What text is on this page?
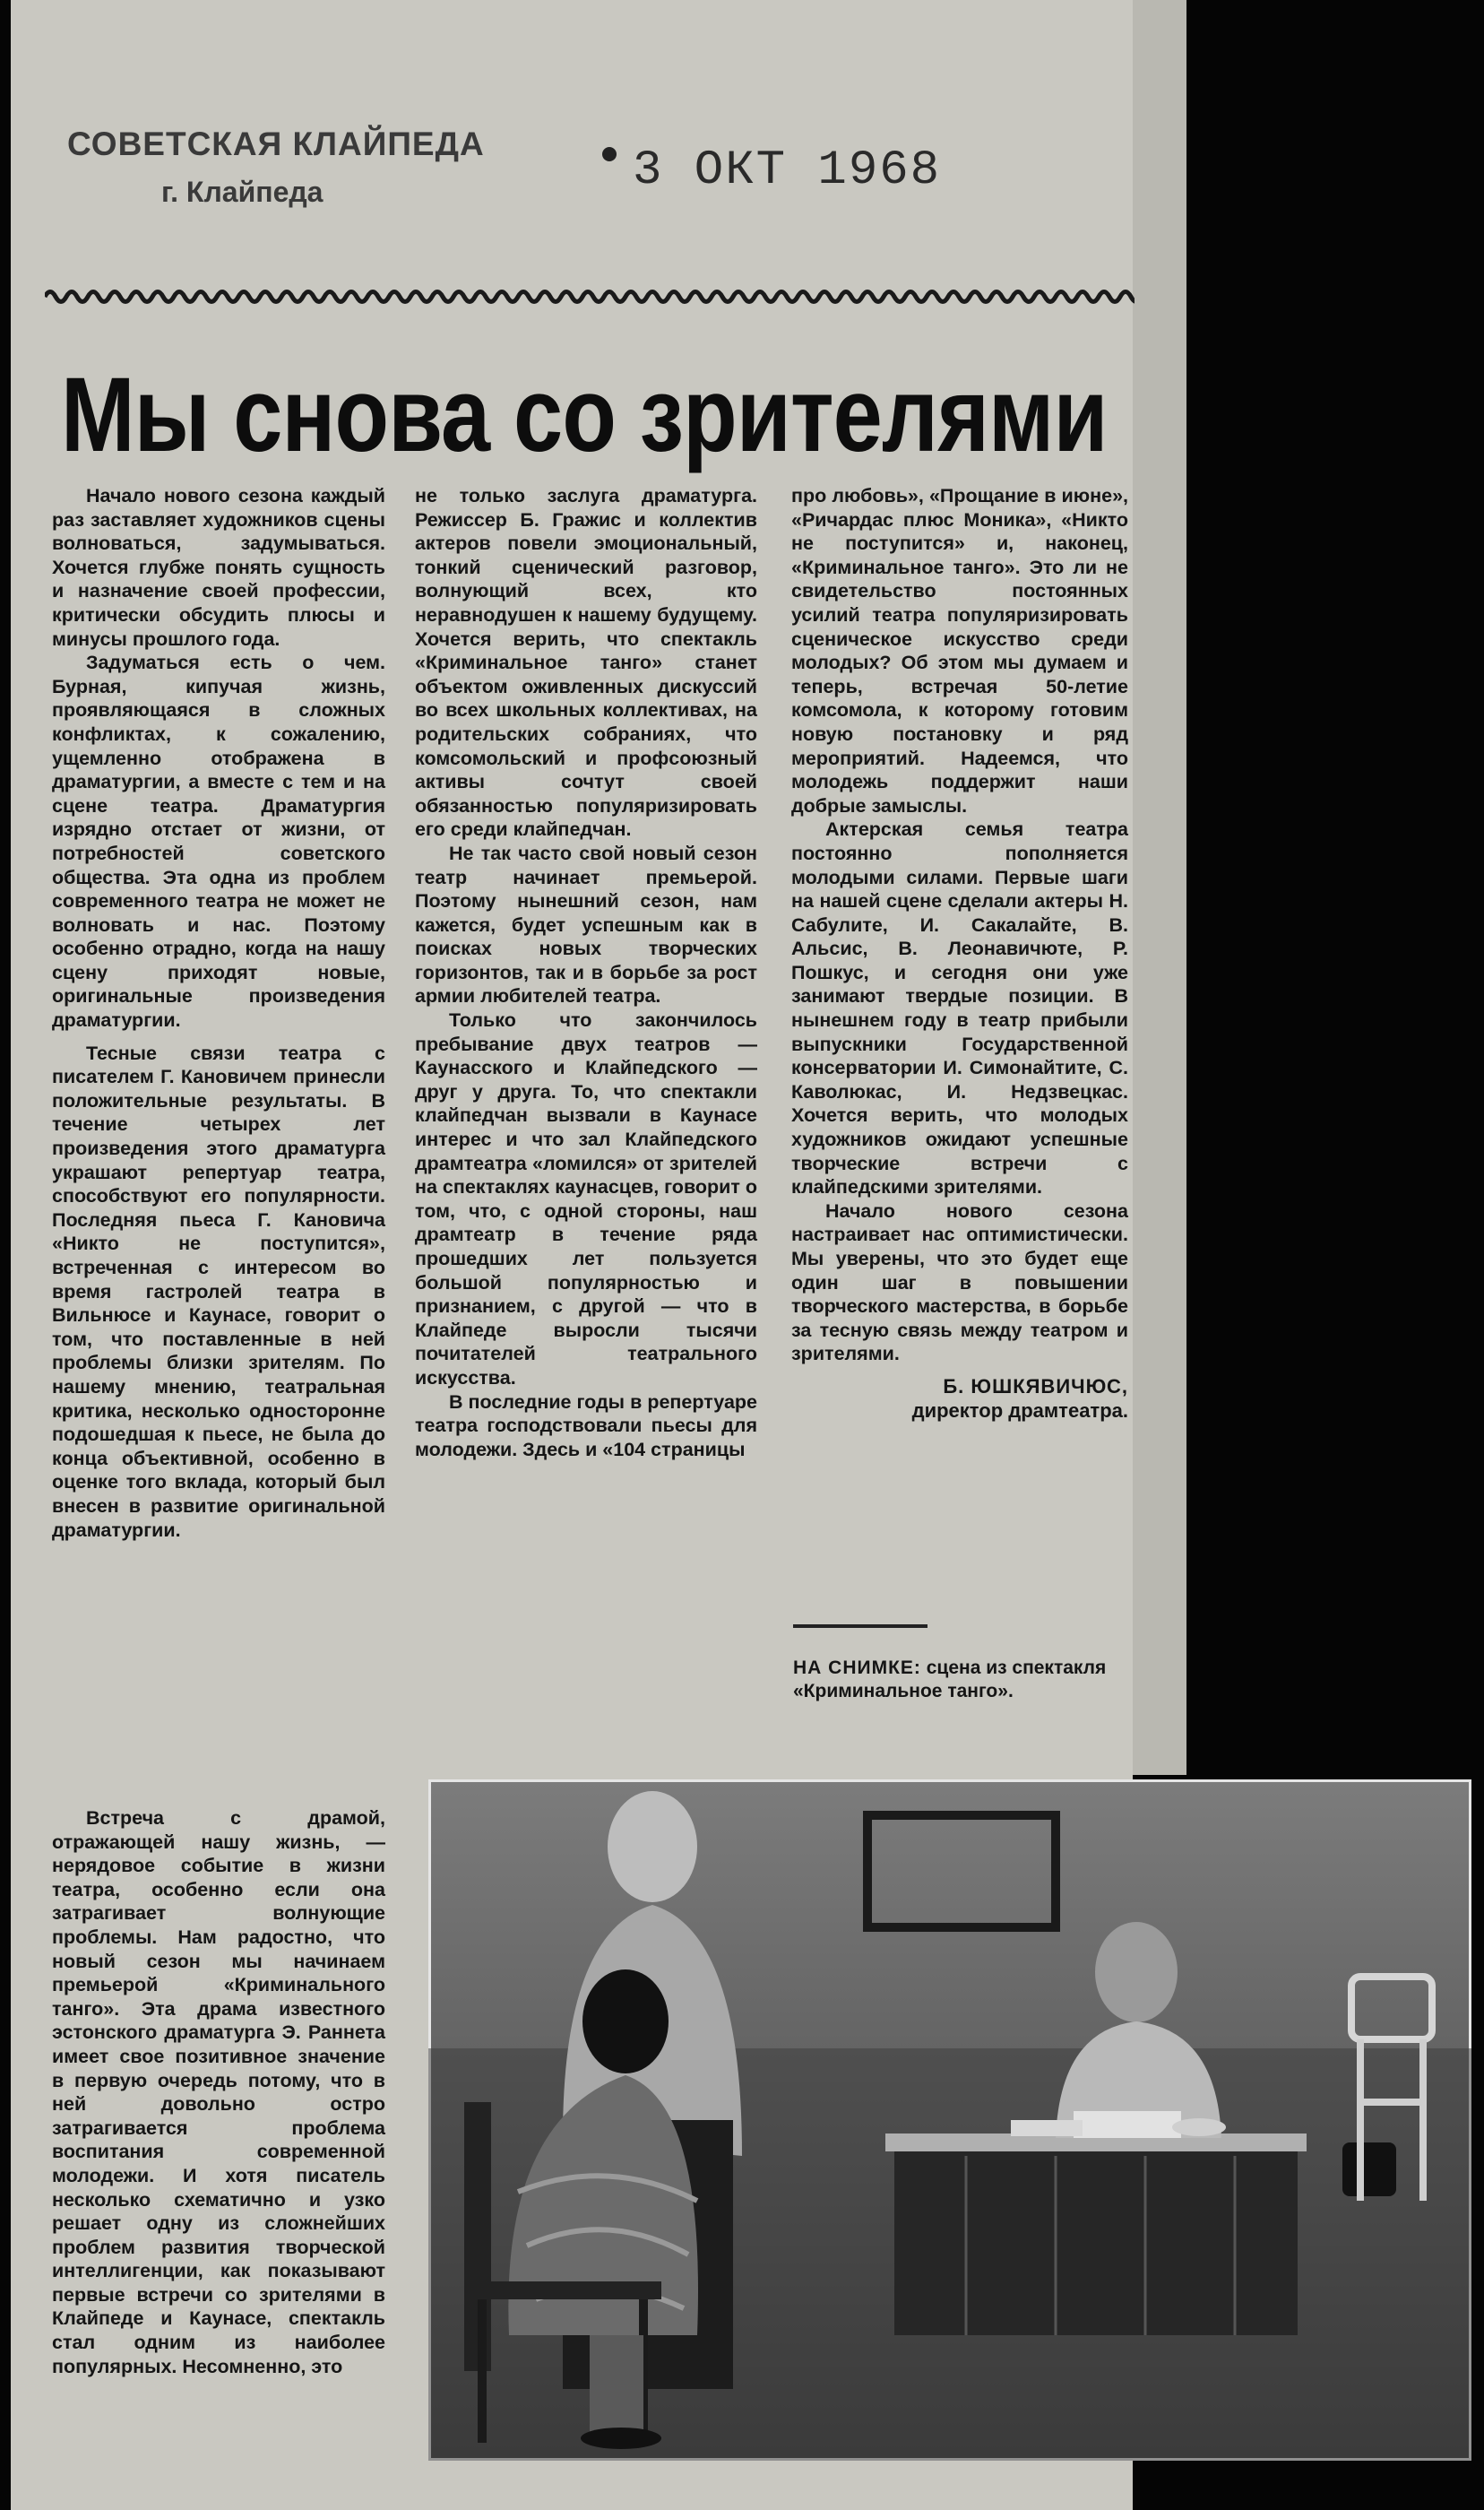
СОВЕТСКАЯ КЛАЙПЕДА
г. Клайпеда	3 ОКТ 1968
Мы снова со зрителями

Начало нового сезона каждый раз заставляет художников сцены волноваться, задумываться. Хочется глубже понять сущность и назначение своей профессии, критически обсудить плюсы и минусы прошлого года.

Задуматься есть о чем. Бурная, кипучая жизнь, проявляющаяся в сложных конфликтах, к сожалению, ущемленно отображена в драматургии, а вместе с тем и на сцене театра. Драматургия изрядно отстает от жизни, от потребностей советского общества. Эта одна из проблем современного театра не может не волновать и нас. Поэтому особенно отрадно, когда на нашу сцену приходят новые, оригинальные произведения драматургии.

Тесные связи театра с писателем Г. Кановичем принесли положительные результаты. В течение четырех лет произведения этого драматурга украшают репертуар театра, способствуют его популярности. Последняя пьеса Г. Кановича «Никто не поступится», встреченная с интересом во время гастролей театра в Вильнюсе и Каунасе, говорит о том, что поставленные в ней проблемы близки зрителям. По нашему мнению, театральная критика, несколько односторонне подошедшая к пьесе, не была до конца объективной, особенно в оценке того вклада, который был внесен в развитие оригинальной драматургии.

не только заслуга драматурга. Режиссер Б. Гражис и коллектив актеров повели эмоциональный, тонкий сценический разговор, волнующий всех, кто неравнодушен к нашему будущему. Хочется верить, что спектакль «Криминальное танго» станет объектом оживленных дискуссий во всех школьных коллективах, на родительских собраниях, что комсомольский и профсоюзный активы сочтут своей обязанностью популяризировать его среди клайпедчан.

Не так часто свой новый сезон театр начинает премьерой. Поэтому нынешний сезон, нам кажется, будет успешным как в поисках новых творческих горизонтов, так и в борьбе за рост армии любителей театра.

Только что закончилось пребывание двух театров — Каунасского и Клайпедского — друг у друга. То, что спектакли клайпедчан вызвали в Каунасе интерес и что зал Клайпедского драмтеатра «ломился» от зрителей на спектаклях каунасцев, говорит о том, что, с одной стороны, наш драмтеатр в течение ряда прошедших лет пользуется большой популярностью и признанием, с другой — что в Клайпеде выросли тысячи почитателей театрального искусства.

В последние годы в репертуаре театра господствовали пьесы для молодежи. Здесь и «104 страницы

про любовь», «Прощание в июне», «Ричардас плюс Моника», «Никто не поступится» и, наконец, «Криминальное танго». Это ли не свидетельство постоянных усилий театра популяризировать сценическое искусство среди молодых? Об этом мы думаем и теперь, встречая 50-летие комсомола, к которому готовим новую постановку и ряд мероприятий. Надеемся, что молодежь поддержит наши добрые замыслы.

Актерская семья театра постоянно пополняется молодыми силами. Первые шаги на нашей сцене сделали актеры Н. Сабулите, И. Сакалайте, В. Альсис, В. Леонавичюте, Р. Пошкус, и сегодня они уже занимают твердые позиции. В нынешнем году в театр прибыли выпускники Государственной консерватории И. Симонайтите, С. Каволюкас, И. Недзвецкас. Хочется верить, что молодых художников ожидают успешные творческие встречи с клайпедскими зрителями.

Начало нового сезона настраивает нас оптимистически. Мы уверены, что это будет еще один шаг в повышении творческого мастерства, в борьбе за тесную связь между театром и зрителями.

Б. ЮШКЯВИЧЮС,
директор драмтеатра.

Встреча с драмой, отражающей нашу жизнь, — нерядовое событие в жизни театра, особенно если она затрагивает волнующие проблемы. Нам радостно, что новый сезон мы начинаем премьерой «Криминального танго». Эта драма известного эстонского драматурга Э. Раннета имеет свое позитивное значение в первую очередь потому, что в ней довольно остро затрагивается проблема воспитания современной молодежи. И хотя писатель несколько схематично и узко решает одну из сложнейших проблем развития творческой интеллигенции, как показывают первые встречи со зрителями в Клайпеде и Каунасе, спектакль стал одним из наиболее популярных. Несомненно, это

НА СНИМКЕ: сцена из спектакля «Криминальное танго».
